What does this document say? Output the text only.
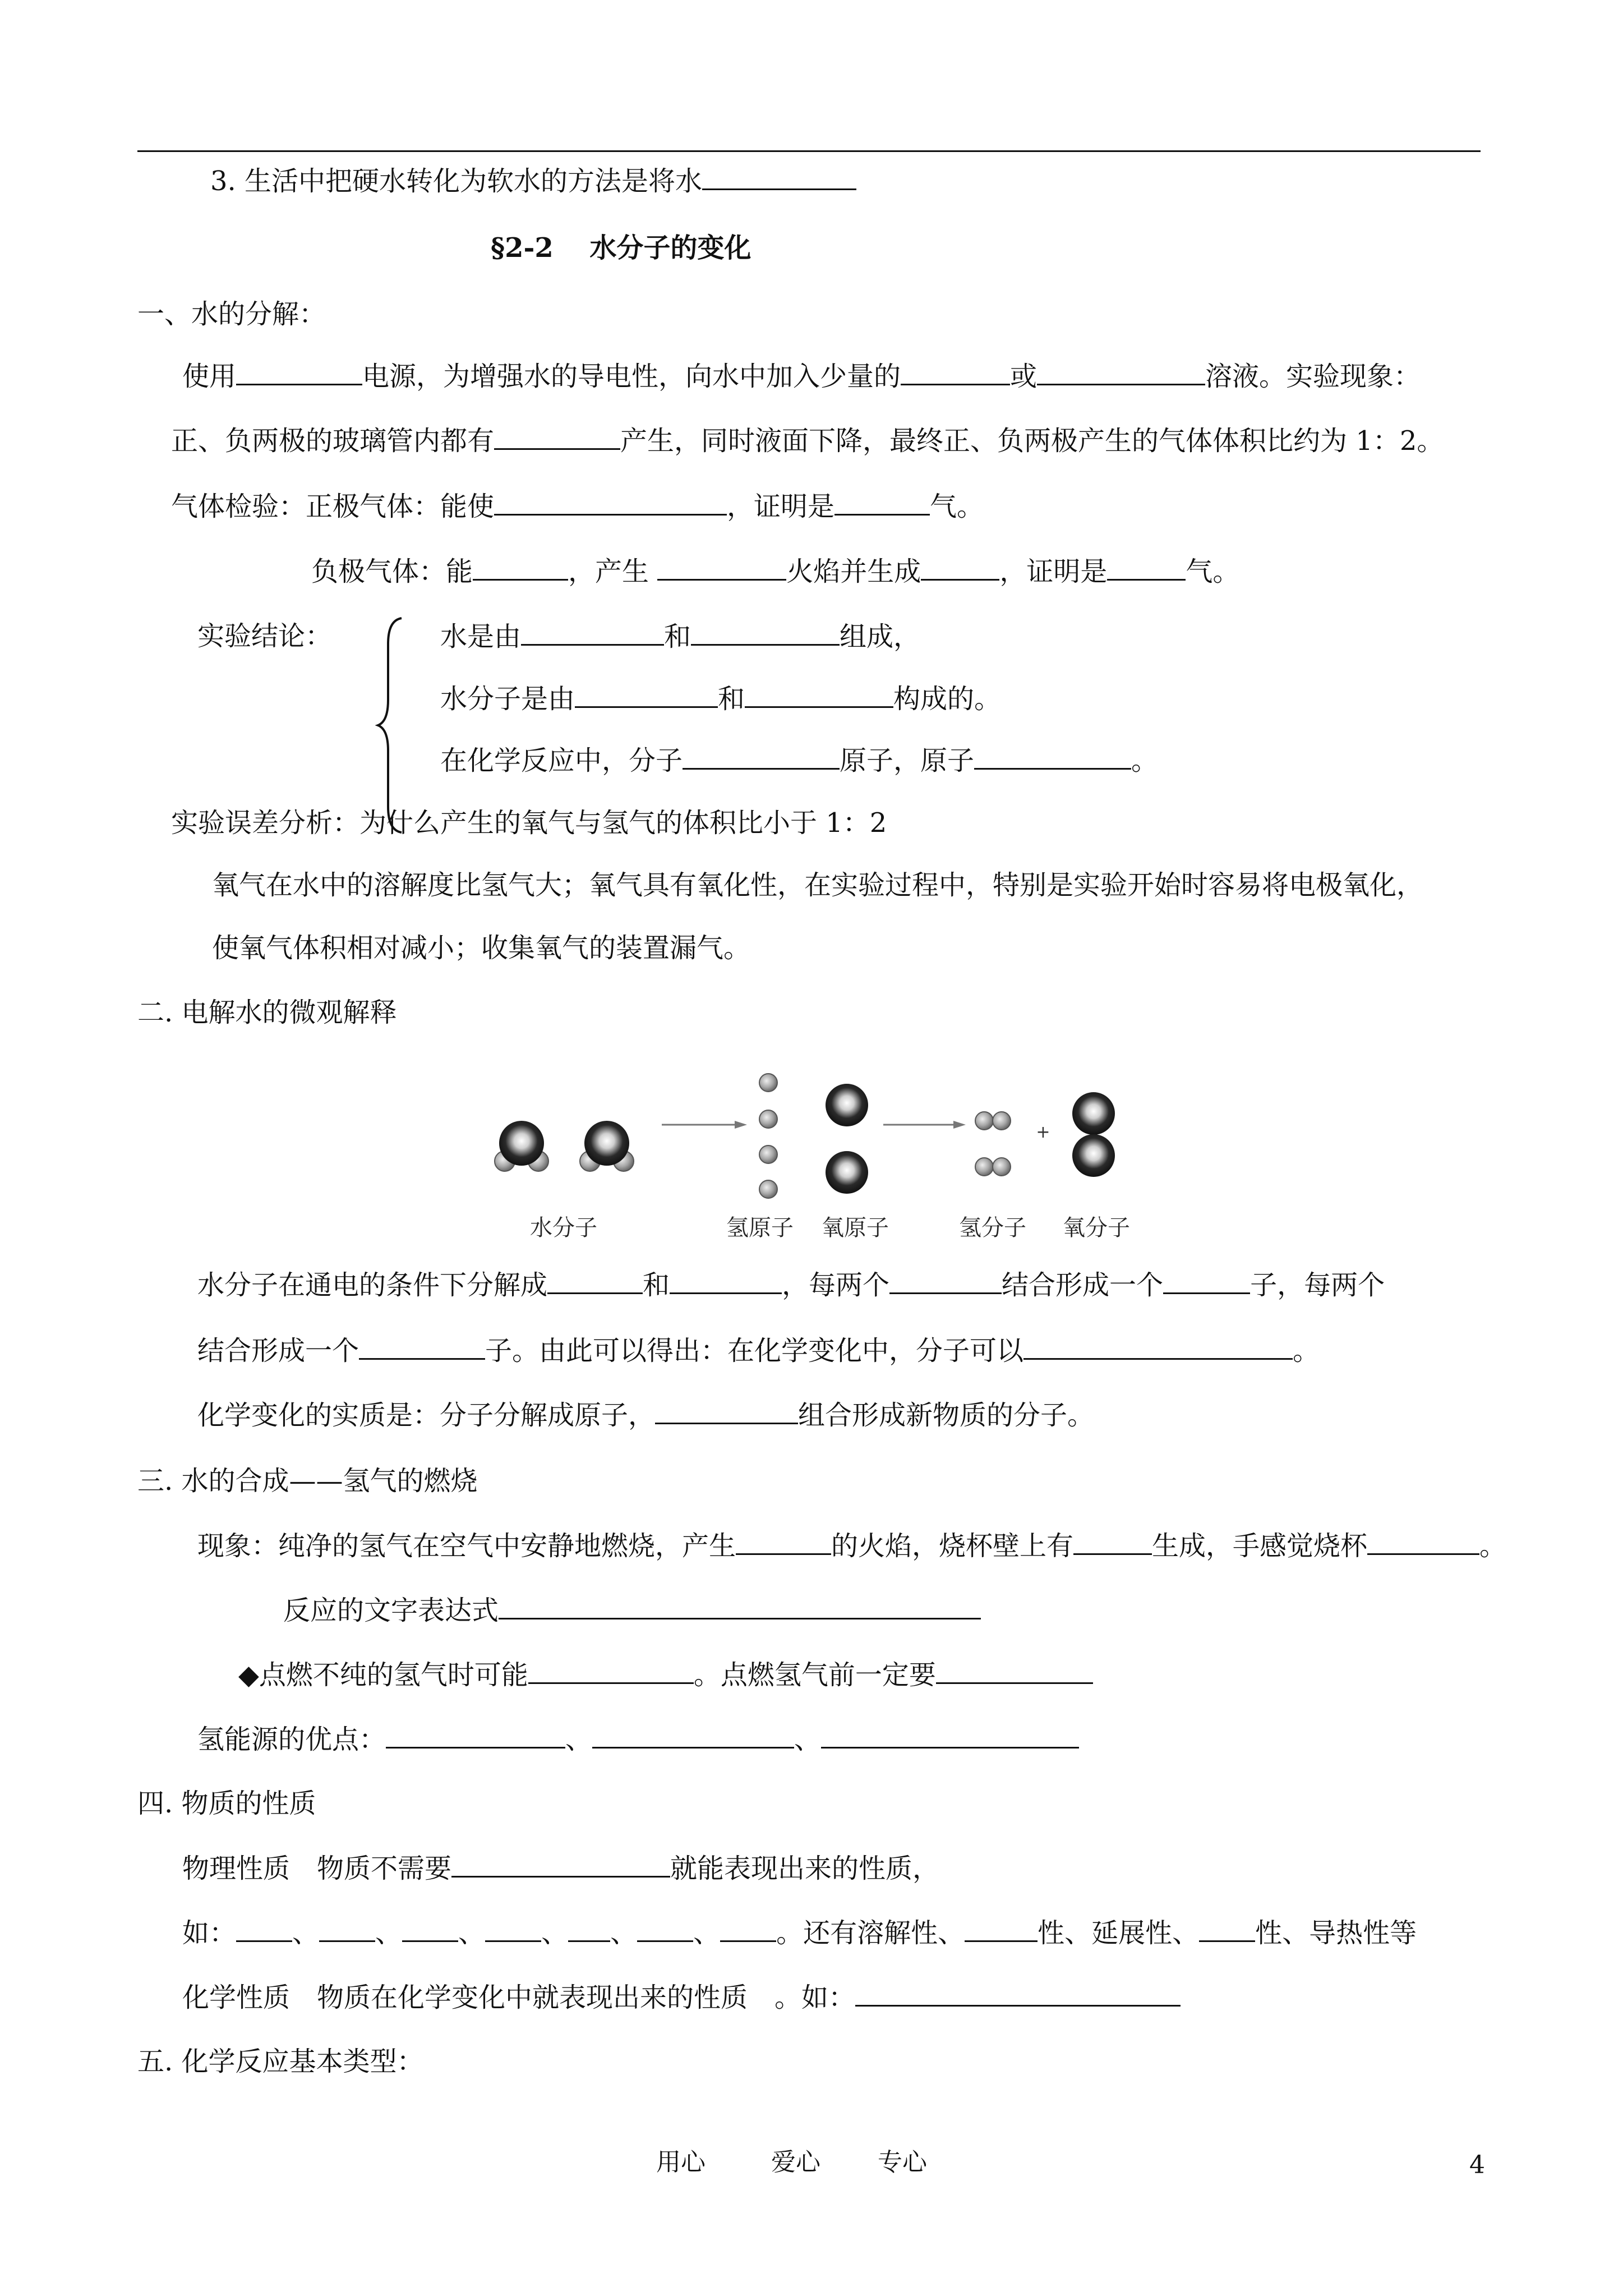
3. 生活中把硬水转化为软水的方法是将水
§2-2　 水分子的变化
一、水的分解：
使用	电源，为增强水的导电性，向水中加入少量的	或	溶液。实验现象：
正、负两极的玻璃管内都有	产生，同时液面下降，最终正、负两极产生的气体体积比约为 1：2。
气体检验：正极气体：能使	，证明是	气。
负极气体：能	，产生	火焰并生成	，证明是	气。
实验结论：	水是由	和	组成，
水分子是由	和	构成的。
在化学反应中，分子	原子，原子	。
实验误差分析：为什么产生的氧气与氢气的体积比小于 1：2
氧气在水中的溶解度比氢气大；氧气具有氧化性，在实验过程中，特别是实验开始时容易将电极氧化，
使氧气体积相对减小；收集氧气的装置漏气。
二. 电解水的微观解释
+
水分子	氢原子 氧原子	氢分子 氧分子
水分子在通电的条件下分解成	和	，每两个	结合形成一个	子，每两个
结合形成一个	子。由此可以得出：在化学变化中，分子可以	。
化学变化的实质是：分子分解成原子，	组合形成新物质的分子。
三. 水的合成——氢气的燃烧
现象：纯净的氢气在空气中安静地燃烧，产生	的火焰，烧杯壁上有	生成，手感觉烧杯	。
反应的文字表达式
◆点燃不纯的氢气时可能	。点燃氢气前一定要
氢能源的优点：	、	、
四. 物质的性质
物理性质　物质不需要	就能表现出来的性质，
如： 、 、 、 、 、 、 。还有溶解性、	性、延展性、 性、导热性等
化学性质　物质在化学变化中就表现出来的性质　。如：
五. 化学反应基本类型：
用心	爱心 专心	4
